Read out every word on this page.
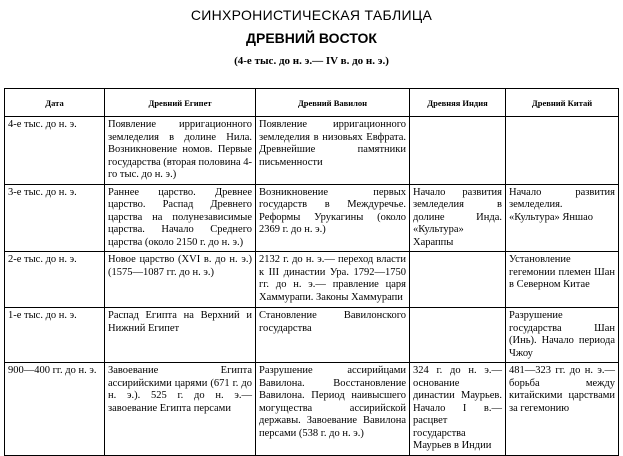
СИНХРОНИСТИЧЕСКАЯ ТАБЛИЦА
ДРЕВНИЙ ВОСТОК
(4-е тыс. до н. э.— IV в. до н. э.)
Дата	Древний Египет	Древний Вавилон	Древняя Индия	Древний Китай
4-е тыс. до н. э.	Появление ирригационного земледелия в долине Нила. Возникновение номов. Первые государства (вторая половина 4-го тыс. до н. э.)	Появление ирригационного земледелия в низовьях Евфрата. Древнейшие памятники письменности		
3-е тыс. до н. э.	Раннее царство. Древнее царство. Распад Древнего царства на полунезависимые царства. Начало Среднего царства (около 2150 г. до н. э.)	Возникновение первых государств в Междуречье. Реформы Урукагины (около 2369 г. до н. э.)	Начало развития земледелия в долине Инда. «Культура» Хараппы	Начало развития земледелия. «Культура» Яншао
2-е тыс. до н. э.	Новое царство (XVI в. до н. э.) (1575—1087 гг. до н. э.)	2132 г. до н. э.— переход власти к III династии Ура. 1792—1750 гг. до н. э.— правление царя Хаммурапи. Законы Хаммурапи		Установление гегемонии племен Шан в Северном Китае
1-е тыс. до н. э.	Распад Египта на Верхний и Нижний Египет	Становление Вавилонского государства		Разрушение государства Шан (Инь). Начало периода Чжоу
900—400 гг. до н. э.	Завоевание Египта ассирийскими царями (671 г. до н. э.). 525 г. до н. э.— завоевание Египта персами	Разрушение ассирийцами Вавилона. Восстановление Вавилона. Период наивысшего могущества ассирийской державы. Завоевание Вавилона персами (538 г. до н. э.)	324 г. до н. э.— основание династии Маурьев. Начало I в.— расцвет государства Маурьев в Индии	481—323 гг. до н. э.— борьба между китайскими царствами за гегемонию
